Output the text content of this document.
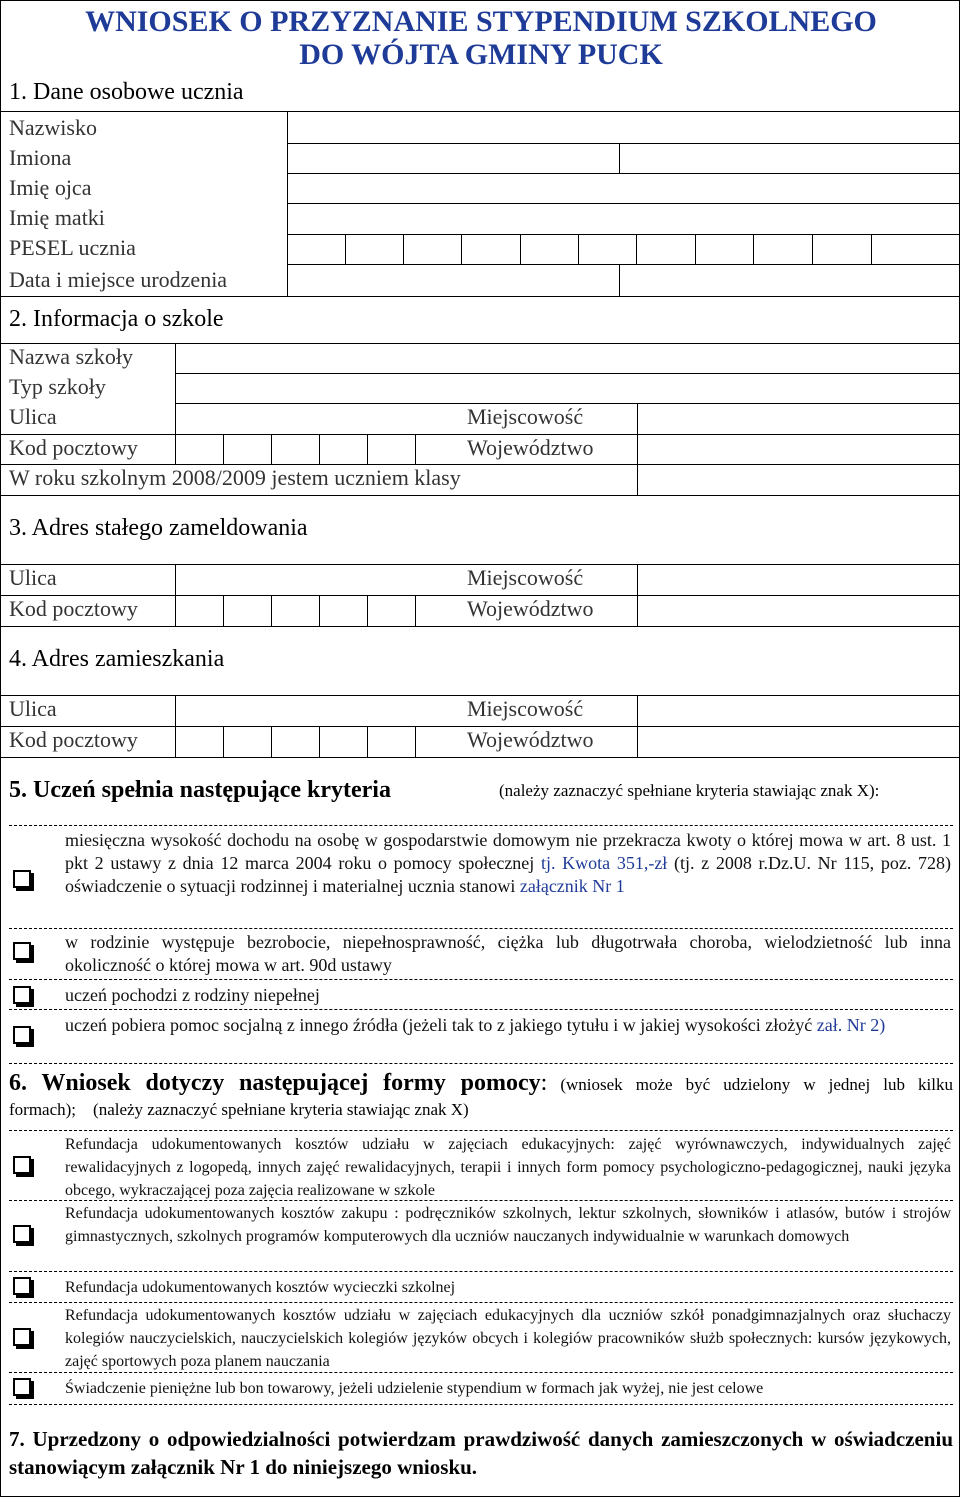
WNIOSEK O PRZYZNANIE STYPENDIUM SZKOLNEGO
DO WÓJTA GMINY PUCK
1. Dane osobowe ucznia
Nazwisko
Imiona
Imię ojca
Imię matki
PESEL ucznia
Data i miejsce urodzenia
2. Informacja o szkole
Nazwa szkoły
Typ szkoły
Ulica	Miejscowość
Kod pocztowy	Województwo
W roku szkolnym 2008/2009 jestem uczniem klasy
3. Adres stałego zameldowania
Ulica	Miejscowość
Kod pocztowy	Województwo
4. Adres zamieszkania
Ulica	Miejscowość
Kod pocztowy	Województwo
5. Uczeń spełnia następujące kryteria	(należy zaznaczyć spełniane kryteria stawiając znak X):
miesięczna wysokość dochodu na osobę w gospodarstwie domowym nie przekracza kwoty o której mowa w art. 8 ust. 1 pkt 2 ustawy z dnia 12 marca 2004 roku o pomocy społecznej tj. Kwota 351,-zł (tj. z 2008 r.Dz.U. Nr 115, poz. 728) oświadczenie o sytuacji rodzinnej i materialnej ucznia stanowi załącznik Nr 1
w rodzinie występuje bezrobocie, niepełnosprawność, ciężka lub długotrwała choroba, wielodzietność lub inna okoliczność o której mowa w art. 90d ustawy
uczeń pochodzi z rodziny niepełnej
uczeń pobiera pomoc socjalną z innego źródła (jeżeli tak to z jakiego tytułu i w jakiej wysokości złożyć zał. Nr 2)
6. Wniosek dotyczy następującej formy pomocy: (wniosek może być udzielony w jednej lub kilku formach); (należy zaznaczyć spełniane kryteria stawiając znak X)
Refundacja udokumentowanych kosztów udziału w zajęciach edukacyjnych: zajęć wyrównawczych, indywidualnych zajęć rewalidacyjnych z logopedą, innych zajęć rewalidacyjnych, terapii i innych form pomocy psychologiczno-pedagogicznej, nauki języka obcego, wykraczającej poza zajęcia realizowane w szkole
Refundacja udokumentowanych kosztów zakupu : podręczników szkolnych, lektur szkolnych, słowników i atlasów, butów i strojów gimnastycznych, szkolnych programów komputerowych dla uczniów nauczanych indywidualnie w warunkach domowych
Refundacja udokumentowanych kosztów wycieczki szkolnej
Refundacja udokumentowanych kosztów udziału w zajęciach edukacyjnych dla uczniów szkół ponadgimnazjalnych oraz słuchaczy kolegiów nauczycielskich, nauczycielskich kolegiów języków obcych i kolegiów pracowników służb społecznych: kursów językowych, zajęć sportowych poza planem nauczania
Świadczenie pieniężne lub bon towarowy, jeżeli udzielenie stypendium w formach jak wyżej, nie jest celowe
7. Uprzedzony o odpowiedzialności potwierdzam prawdziwość danych zamieszczonych w oświadczeniu stanowiącym załącznik Nr 1 do niniejszego wniosku.
